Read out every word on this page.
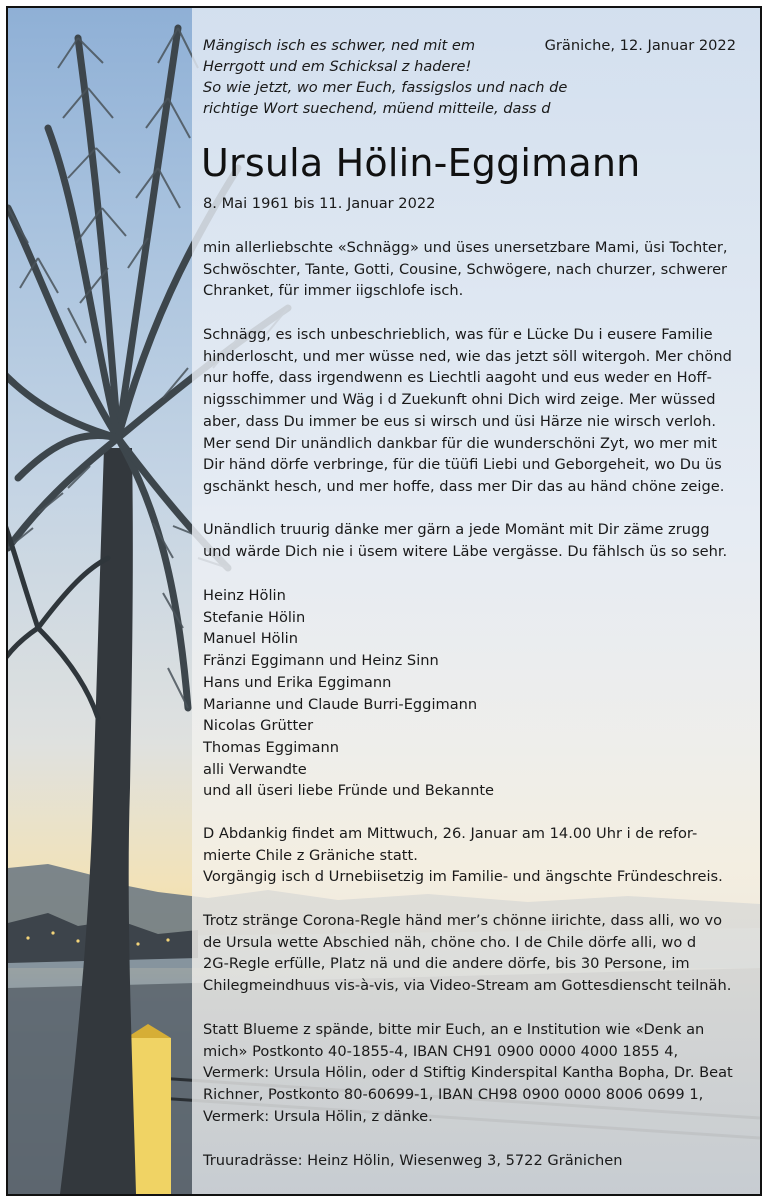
Mängisch isch es schwer, ned mit em
Herrgott und em Schicksal z hadere!
So wie jetzt, wo mer Euch, fassigslos und nach de
richtige Wort suechend, müend mitteile, dass d

Gräniche, 12. Januar 2022
Ursula Hölin-Eggimann
8. Mai 1961 bis 11. Januar 2022

min allerliebschte «Schnägg» und üses unersetzbare Mami, üsi Tochter,
Schwöschter, Tante, Gotti, Cousine, Schwögere, nach churzer, schwerer
Chranket, für immer iigschlofe isch.

Schnägg, es isch unbeschrieblich, was für e Lücke Du i eusere Familie
hinderloscht, und mer wüsse ned, wie das jetzt söll witergoh. Mer chönd
nur hoffe, dass irgendwenn es Liechtli aagoht und eus weder en Hoff-
nigsschimmer und Wäg i d Zuekunft ohni Dich wird zeige. Mer wüssed
aber, dass Du immer be eus si wirsch und üsi Härze nie wirsch verloh.
Mer send Dir unändlich dankbar für die wunderschöni Zyt, wo mer mit
Dir händ dörfe verbringe, für die tüüfi Liebi und Geborgeheit, wo Du üs
gschänkt hesch, und mer hoffe, dass mer Dir das au händ chöne zeige.

Unändlich truurig dänke mer gärn a jede Momänt mit Dir zäme zrugg
und wärde Dich nie i üsem witere Läbe vergässe. Du fählsch üs so sehr.

Heinz Hölin
Stefanie Hölin
Manuel Hölin
Fränzi Eggimann und Heinz Sinn
Hans und Erika Eggimann
Marianne und Claude Burri-Eggimann
Nicolas Grütter
Thomas Eggimann
alli Verwandte
und all üseri liebe Fründe und Bekannte

D Abdankig findet am Mittwuch, 26. Januar am 14.00 Uhr i de refor-
mierte Chile z Gräniche statt.
Vorgängig isch d Urnebiisetzig im Familie- und ängschte Fründeschreis.

Trotz stränge Corona-Regle händ mer’s chönne iirichte, dass alli, wo vo
de Ursula wette Abschied näh, chöne cho. I de Chile dörfe alli, wo d
2G-Regle erfülle, Platz nä und die andere dörfe, bis 30 Persone, im
Chilegmeindhuus vis-à-vis, via Video-Stream am Gottesdienscht teilnäh.

Statt Blueme z spände, bitte mir Euch, an e Institution wie «Denk an
mich» Postkonto 40-1855-4, IBAN CH91 0900 0000 4000 1855 4,
Vermerk: Ursula Hölin, oder d Stiftig Kinderspital Kantha Bopha, Dr. Beat
Richner, Postkonto 80-60699-1, IBAN CH98 0900 0000 8006 0699 1,
Vermerk: Ursula Hölin, z dänke.

Truuradrässe: Heinz Hölin, Wiesenweg 3, 5722 Gränichen
